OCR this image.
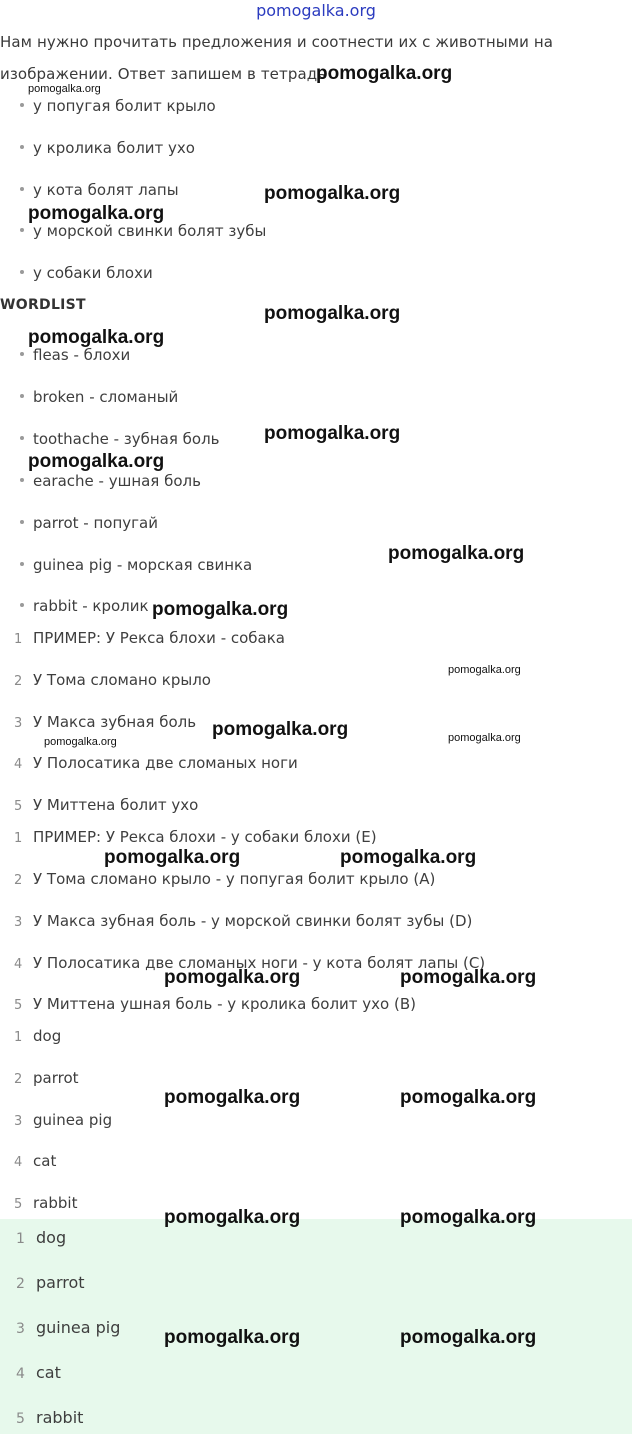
pomogalka.org
Нам нужно прочитать предложения и соотнести их с животными на
изображении. Ответ запишем в тетрадь
у попугая болит крыло
у кролика болит ухо
у кота болят лапы
у морской свинки болят зубы
у собаки блохи
WORDLIST
fleas - блохи
broken - сломаный
toothache - зубная боль
earache - ушная боль
parrot - попугай
guinea pig - морская свинка
rabbit - кролик
1 ПРИМЕР: У Рекса блохи - собака
2 У Тома сломано крыло
3 У Макса зубная боль
4 У Полосатика две сломаных ноги
5 У Миттена болит ухо
1 ПРИМЕР: У Рекса блохи - у собаки блохи (E)
2 У Тома сломано крыло - у попугая болит крыло (A)
3 У Макса зубная боль - у морской свинки болят зубы (D)
4 У Полосатика две сломаных ноги - у кота болят лапы (C)
5 У Миттена ушная боль - у кролика болит ухо (B)
1 dog
2 parrot
3 guinea pig
4 cat
5 rabbit
1 dog
2 parrot
3 guinea pig
4 cat
5 rabbit
pomogalka.org
pomogalka.org
pomogalka.org
pomogalka.org
pomogalka.org
pomogalka.org
pomogalka.org
pomogalka.org
pomogalka.org
pomogalka.org
pomogalka.org
pomogalka.org
pomogalka.org	pomogalka.org
pomogalka.org	pomogalka.org
pomogalka.org	pomogalka.org
pomogalka.org	pomogalka.org
pomogalka.org	pomogalka.org
pomogalka.org	pomogalka.org
